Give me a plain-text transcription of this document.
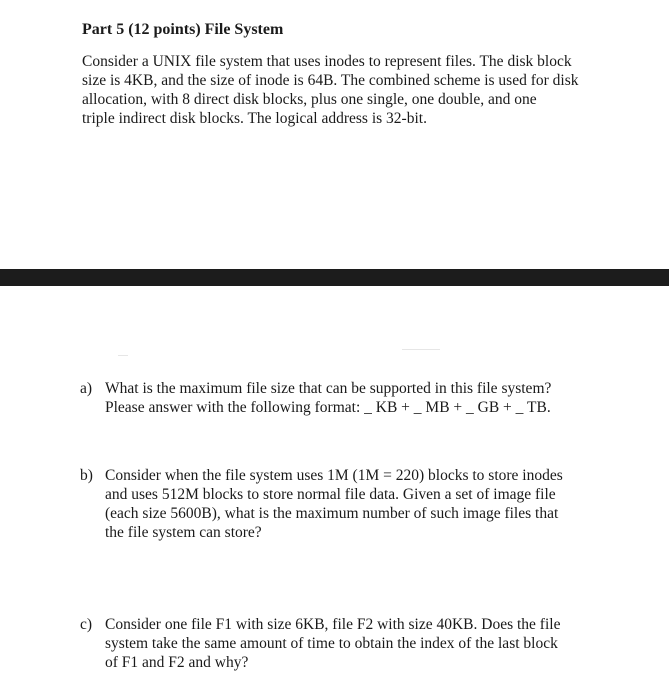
Part 5 (12 points) File System

Consider a UNIX file system that uses inodes to represent files. The disk block

size is 4KB, and the size of inode is 64B. The combined scheme is used for disk

allocation, with 8 direct disk blocks, plus one single, one double, and one

triple indirect disk blocks. The logical address is 32-bit.

a) What is the maximum file size that can be supported in this file system?

Please answer with the following format: _ KB + _ MB + _ GB + _ TB.

b) Consider when the file system uses 1M (1M = 220) blocks to store inodes

and uses 512M blocks to store normal file data. Given a set of image file

(each size 5600B), what is the maximum number of such image files that

the file system can store?

c) Consider one file F1 with size 6KB, file F2 with size 40KB. Does the file

system take the same amount of time to obtain the index of the last block

of F1 and F2 and why?
